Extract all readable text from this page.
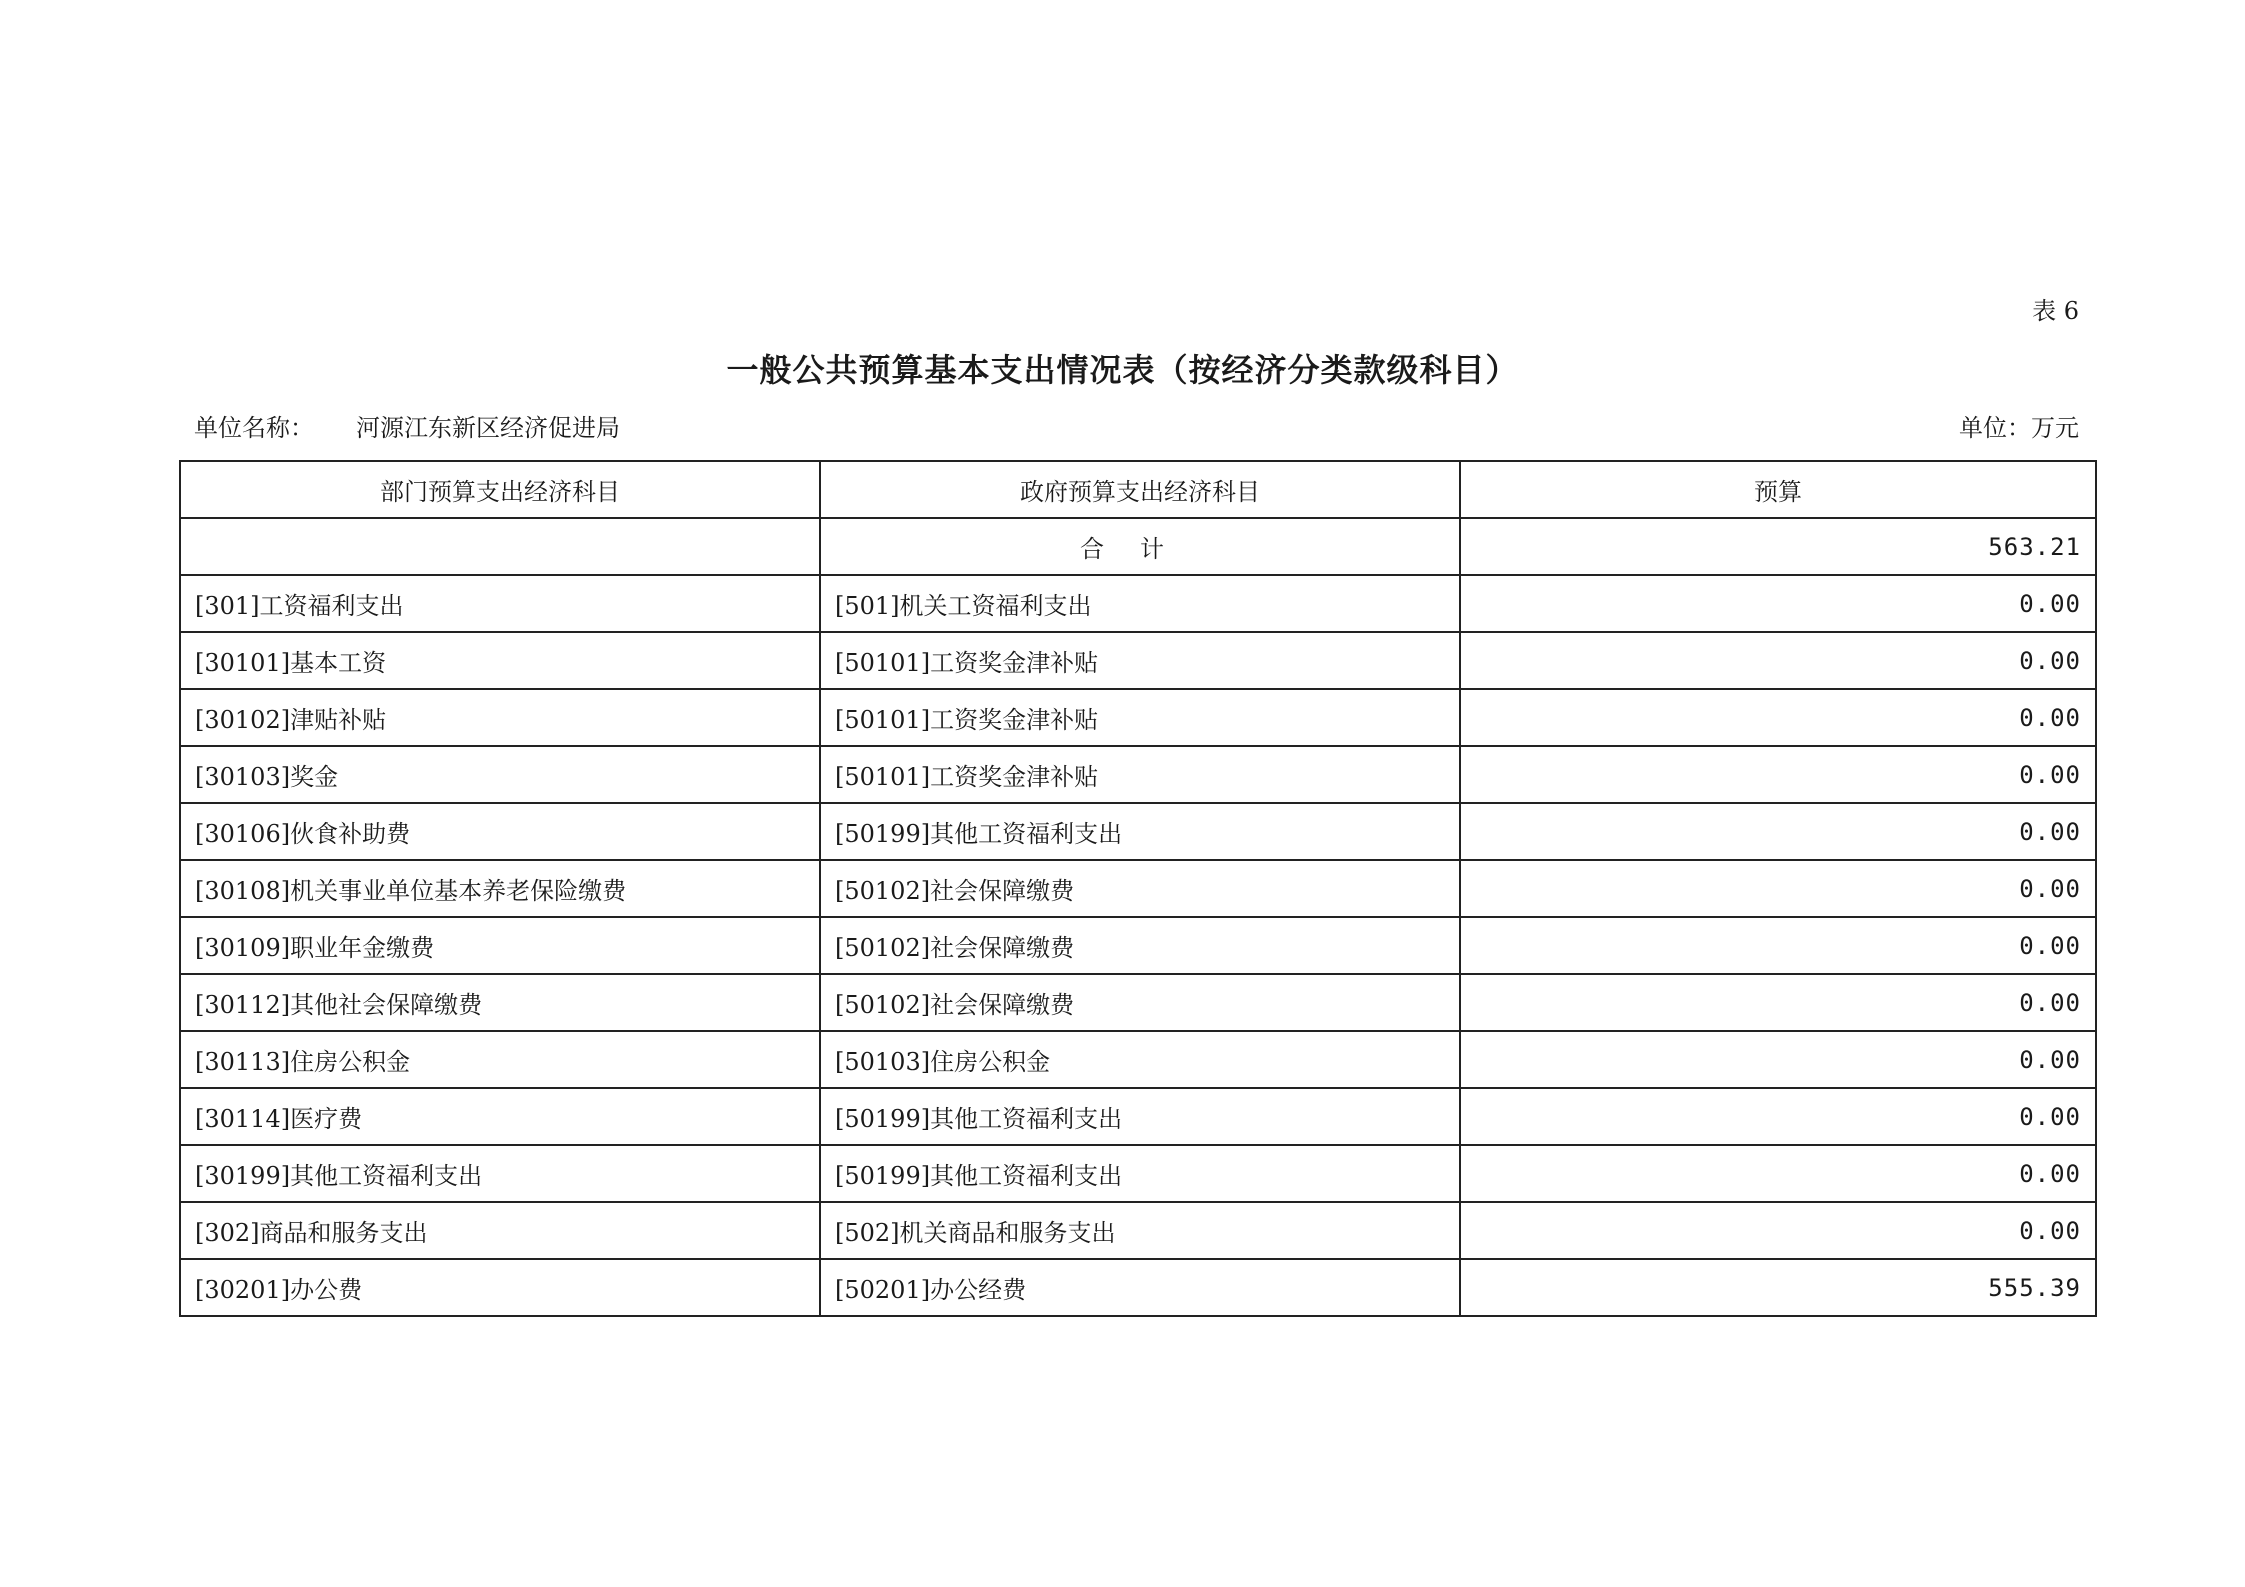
表 6
一般公共预算基本支出情况表（按经济分类款级科目）
单位名称： 河源江东新区经济促进局	单位：万元
部门预算支出经济科目	政府预算支出经济科目	预算
	合计	563.21
[301]工资福利支出	[501]机关工资福利支出	0.00
[30101]基本工资	[50101]工资奖金津补贴	0.00
[30102]津贴补贴	[50101]工资奖金津补贴	0.00
[30103]奖金	[50101]工资奖金津补贴	0.00
[30106]伙食补助费	[50199]其他工资福利支出	0.00
[30108]机关事业单位基本养老保险缴费	[50102]社会保障缴费	0.00
[30109]职业年金缴费	[50102]社会保障缴费	0.00
[30112]其他社会保障缴费	[50102]社会保障缴费	0.00
[30113]住房公积金	[50103]住房公积金	0.00
[30114]医疗费	[50199]其他工资福利支出	0.00
[30199]其他工资福利支出	[50199]其他工资福利支出	0.00
[302]商品和服务支出	[502]机关商品和服务支出	0.00
[30201]办公费	[50201]办公经费	555.39
